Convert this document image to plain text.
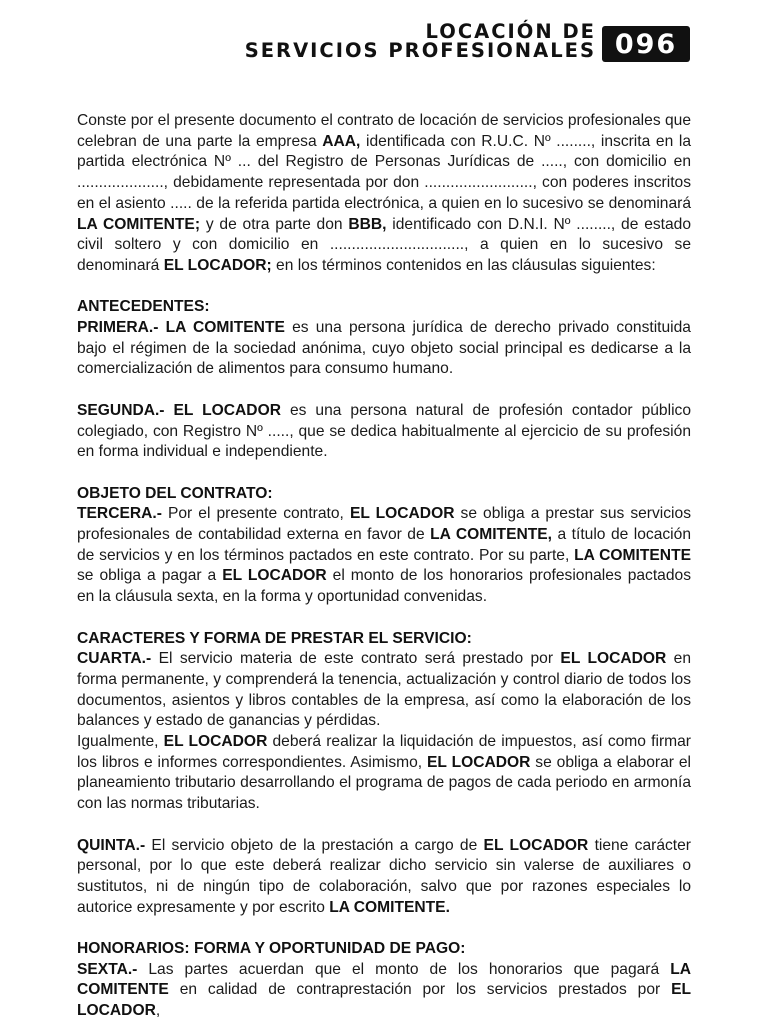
LOCACIÓN DE
SERVICIOS PROFESIONALES 096

Conste por el presente documento el contrato de locación de servicios profesionales que celebran de una parte la empresa AAA, identificada con R.U.C. Nº ........, inscrita en la partida electrónica Nº ... del Registro de Personas Jurídicas de ....., con domicilio en ...................., debidamente representada por don ........................., con poderes inscritos en el asiento ..... de la referida partida electrónica, a quien en lo sucesivo se denominará LA COMITENTE; y de otra parte don BBB, identificado con D.N.I. Nº ........, de estado civil soltero y con domicilio en ..............................., a quien en lo sucesivo se denominará EL LOCADOR; en los términos contenidos en las cláusulas siguientes:

ANTECEDENTES:

PRIMERA.- LA COMITENTE es una persona jurídica de derecho privado constituida bajo el régimen de la sociedad anónima, cuyo objeto social principal es dedicarse a la comercialización de alimentos para consumo humano.

SEGUNDA.- EL LOCADOR es una persona natural de profesión contador público colegiado, con Registro Nº ....., que se dedica habitualmente al ejercicio de su profesión en forma individual e independiente.

OBJETO DEL CONTRATO:

TERCERA.- Por el presente contrato, EL LOCADOR se obliga a prestar sus servicios profesionales de contabilidad externa en favor de LA COMITENTE, a título de locación de servicios y en los términos pactados en este contrato. Por su parte, LA COMITENTE se obliga a pagar a EL LOCADOR el monto de los honorarios profesionales pactados en la cláusula sexta, en la forma y oportunidad convenidas.

CARACTERES Y FORMA DE PRESTAR EL SERVICIO:

CUARTA.- El servicio materia de este contrato será prestado por EL LOCADOR en forma permanente, y comprenderá la tenencia, actualización y control diario de todos los documentos, asientos y libros contables de la empresa, así como la elaboración de los balances y estado de ganancias y pérdidas.

Igualmente, EL LOCADOR deberá realizar la liquidación de impuestos, así como firmar los libros e informes correspondientes. Asimismo, EL LOCADOR se obliga a elaborar el planeamiento tributario desarrollando el programa de pagos de cada periodo en armonía con las normas tributarias.

QUINTA.- El servicio objeto de la prestación a cargo de EL LOCADOR tiene carácter personal, por lo que este deberá realizar dicho servicio sin valerse de auxiliares o sustitutos, ni de ningún tipo de colaboración, salvo que por razones especiales lo autorice expresamente y por escrito LA COMITENTE.

HONORARIOS: FORMA Y OPORTUNIDAD DE PAGO:

SEXTA.- Las partes acuerdan que el monto de los honorarios que pagará LA COMITENTE en calidad de contraprestación por los servicios prestados por EL LOCADOR,
